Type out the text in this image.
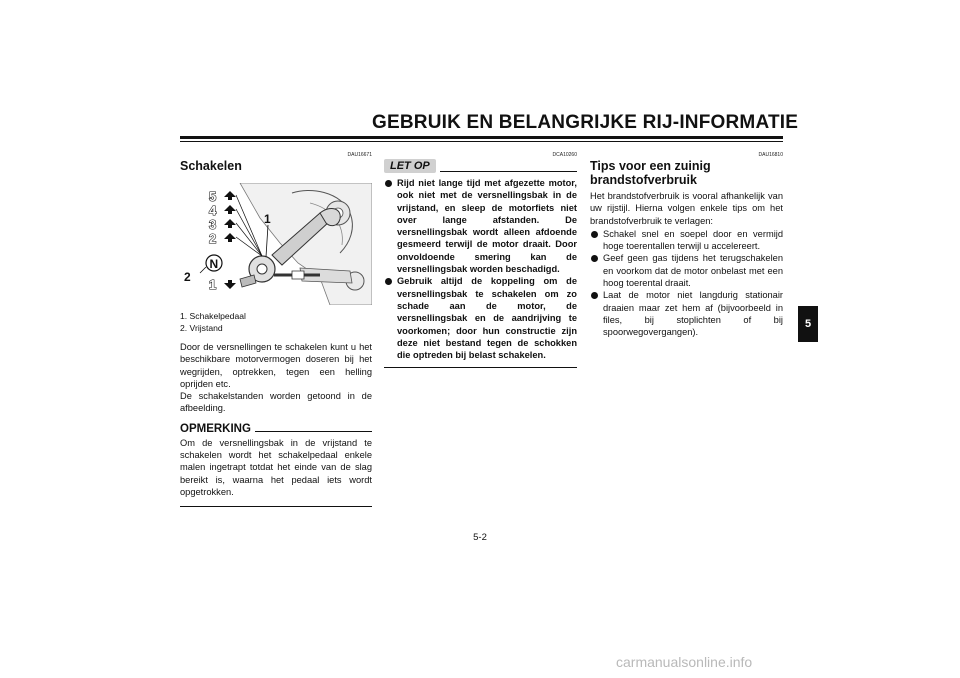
GEBRUIK EN BELANGRIJKE RIJ-INFORMATIE
DAU16671
Schakelen
5
4
3
2
1
N
1
2
1. Schakelpedaal
2. Vrijstand

Door de versnellingen te schakelen kunt u het beschikbare motorvermogen doseren bij het wegrijden, optrekken, tegen een helling oprijden etc.

De schakelstanden worden getoond in de afbeelding.

OPMERKING

Om de versnellingsbak in de vrijstand te schakelen wordt het schakelpedaal enkele malen ingetrapt totdat het einde van de slag bereikt is, waarna het pedaal iets wordt opgetrokken.

DCA10260
LET OP
Rijd niet lange tijd met afgezette motor, ook niet met de versnellingsbak in de vrijstand, en sleep de motorfiets niet over lange afstanden. De versnellingsbak wordt alleen afdoende gesmeerd terwijl de motor draait. Door onvoldoende smering kan de versnellingsbak worden beschadigd.
Gebruik altijd de koppeling om de versnellingsbak te schakelen om zo schade aan de motor, de versnellingsbak en de aandrijving te voorkomen; door hun constructie zijn deze niet bestand tegen de schokken die optreden bij belast schakelen.
DAU16810
Tips voor een zuinig brandstofverbruik

Het brandstofverbruik is vooral afhankelijk van uw rijstijl. Hierna volgen enkele tips om het brandstofverbruik te verlagen:

Schakel snel en soepel door en vermijd hoge toerentallen terwijl u accelereert.
Geef geen gas tijdens het terugschakelen en voorkom dat de motor onbelast met een hoog toerental draait.
Laat de motor niet langdurig stationair draaien maar zet hem af (bijvoorbeeld in files, bij stoplichten of bij spoorwegovergangen).
5
5-2
carmanualsonline.info
